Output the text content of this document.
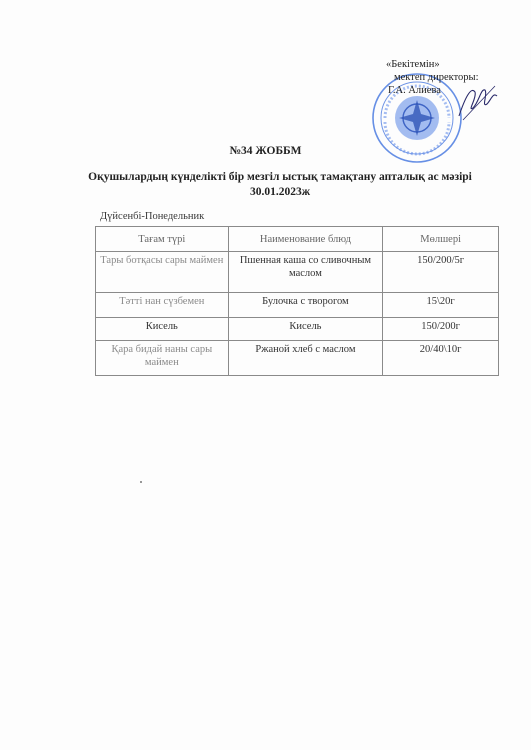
«Бекітемін»
мектеп директоры:
Г.А. Алиева
№34 ЖОББМ
Оқушылардың күнделікті бір мезгіл ыстық тамақтану апталық ас мәзірі
30.01.2023ж
Дүйсенбі-Понедельник
Тағам түрі	Наименование блюд	Мөлшері
Тары ботқасы сары маймен	Пшенная каша со сливочным маслом	150/200/5г
Тәтті нан сүзбемен	Булочка с творогом	15\20г
Кисель	Кисель	150/200г
Қара бидай наны сары маймен	Ржаной хлеб с маслом	20/40\10г
